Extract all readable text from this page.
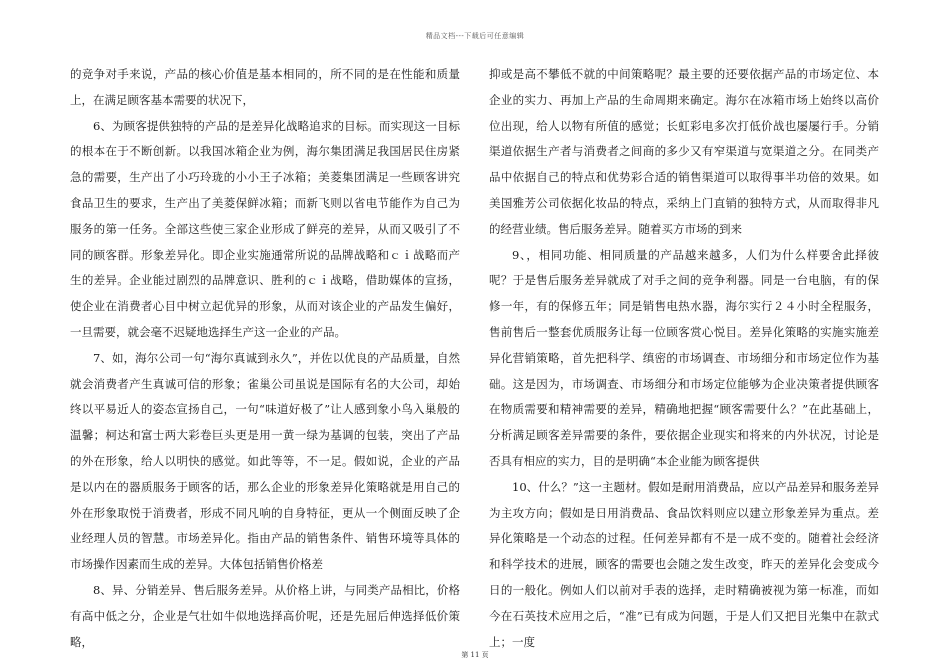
精品文档---下载后可任意编辑

的竞争对手来说，产品的核心价值是基本相同的，所不同的是在性能和质量上，在满足顾客基本需要的状况下，

6、为顾客提供独特的产品的是差异化战略追求的目标。而实现这一目标的根本在于不断创新。以我国冰箱企业为例，海尔集团满足我国居民住房紧急的需要，生产出了小巧玲珑的小小王子冰箱；美菱集团满足一些顾客讲究食品卫生的要求，生产出了美菱保鲜冰箱；而新飞则以省电节能作为自己为服务的第一任务。全部这些使三家企业形成了鲜亮的差异，从而又吸引了不同的顾客群。形象差异化。即企业实施通常所说的品牌战略和ｃｉ战略而产生的差异。企业能过剧烈的品牌意识、胜利的ｃｉ战略，借助媒体的宣扬，使企业在消费者心目中树立起优异的形象，从而对该企业的产品发生偏好，一旦需要，就会毫不迟疑地选择生产这一企业的产品。

7、如，海尔公司一句“海尔真诚到永久”，并佐以优良的产品质量，自然就会消费者产生真诚可信的形象；雀巢公司虽说是国际有名的大公司，却始终以平易近人的姿态宣扬自己，一句“味道好极了”让人感到象小鸟入巢般的温馨；柯达和富士两大彩卷巨头更是用一黄一绿为基调的包装，突出了产品的外在形象，给人以明快的感觉。如此等等，不一足。假如说，企业的产品是以内在的器质服务于顾客的话，那么企业的形象差异化策略就是用自己的外在形象取悦于消费者，形成不同凡响的自身特征，更从一个侧面反映了企业经理人员的智慧。市场差异化。指由产品的销售条件、销售环境等具体的市场操作因素而生成的差异。大体包括销售价格差

8、异、分销差异、售后服务差异。从价格上讲，与同类产品相比，价格有高中低之分，企业是气壮如牛似地选择高价呢，还是先屈后伸选择低价策略，

抑或是高不攀低不就的中间策略呢？最主要的还要依据产品的市场定位、本企业的实力、再加上产品的生命周期来确定。海尔在冰箱市场上始终以高价位出现，给人以物有所值的感觉；长虹彩电多次打低价战也屡屡行手。分销渠道依据生产者与消费者之间商的多少又有窄渠道与宽渠道之分。在同类产品中依据自己的特点和优势彩合适的销售渠道可以取得事半功倍的效果。如美国雅芳公司依据化妆品的特点，采纳上门直销的独特方式，从而取得非凡的经营业绩。售后服务差异。随着买方市场的到来

9、，相同功能、相同质量的产品越来越多，人们为什么样要舍此择彼呢？于是售后服务差异就成了对手之间的竞争利器。同是一台电脑，有的保修一年，有的保修五年；同是销售电热水器，海尔实行２４小时全程服务，售前售后一整套优质服务让每一位顾客赏心悦目。差异化策略的实施实施差异化营销策略，首先把科学、缜密的市场调查、市场细分和市场定位作为基础。这是因为，市场调查、市场细分和市场定位能够为企业决策者提供顾客在物质需要和精神需要的差异，精确地把握“顾客需要什么？”在此基础上，分析满足顾客差异需要的条件，要依据企业现实和将来的内外状况，讨论是否具有相应的实力，目的是明确“本企业能为顾客提供

10、什么？”这一主题材。假如是耐用消费品，应以产品差异和服务差异为主攻方向；假如是日用消费品、食品饮料则应以建立形象差异为重点。差异化策略是一个动态的过程。任何差异都有不是一成不变的。随着社会经济和科学技术的进展，顾客的需要也会随之发生改变，昨天的差异化会变成今日的一般化。例如人们以前对手表的选择，走时精确被视为第一标准，而如今在石英技术应用之后，“准”已有成为问题，于是人们又把目光集中在款式上；一度

第 11 页
